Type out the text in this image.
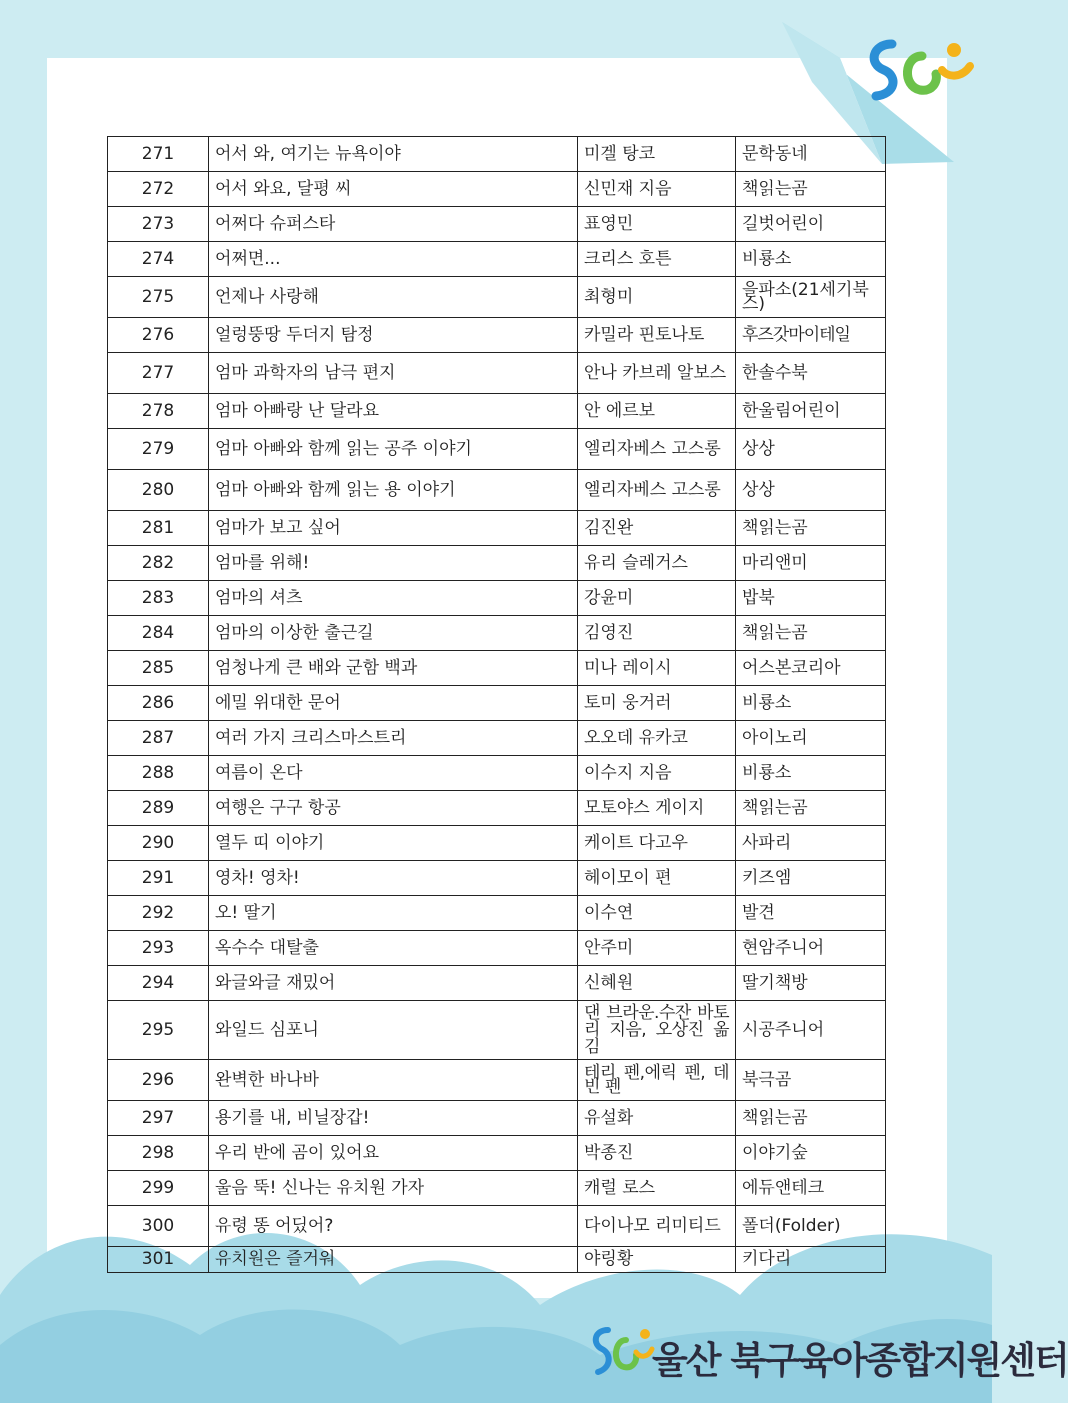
271	어서 와, 여기는 뉴욕이야	미겔 탕코	문학동네
272	어서 와요, 달평 씨	신민재 지음	책읽는곰
273	어쩌다 슈퍼스타	표영민	길벗어린이
274	어쩌면...	크리스 호튼	비룡소
275	언제나 사랑해	최형미	을파소(21세기북스)
276	얼렁뚱땅 두더지 탐정	카밀라 핀토나토	후즈갓마이테일
277	엄마 과학자의 남극 편지	안나 카브레 알보스	한솔수북
278	엄마 아빠랑 난 달라요	안 에르보	한울림어린이
279	엄마 아빠와 함께 읽는 공주 이야기	엘리자베스 고스롱	상상
280	엄마 아빠와 함께 읽는 용 이야기	엘리자베스 고스롱	상상
281	엄마가 보고 싶어	김진완	책읽는곰
282	엄마를 위해!	유리 슬레거스	마리앤미
283	엄마의 셔츠	강윤미	밥북
284	엄마의 이상한 출근길	김영진	책읽는곰
285	엄청나게 큰 배와 군함 백과	미나 레이시	어스본코리아
286	에밀 위대한 문어	토미 웅거러	비룡소
287	여러 가지 크리스마스트리	오오데 유카코	아이노리
288	여름이 온다	이수지 지음	비룡소
289	여행은 구구 항공	모토야스 게이지	책읽는곰
290	열두 띠 이야기	케이트 다고우	사파리
291	영차! 영차!	헤이모이 편	키즈엠
292	오! 딸기	이수연	발견
293	옥수수 대탈출	안주미	현암주니어
294	와글와글 재밌어	신혜원	딸기책방
295	와일드 심포니	댄 브라운.수잔 바토리 지음, 오상진 옮김	시공주니어
296	완벽한 바나바	테리 펜,에릭 펜, 데빈 펜	북극곰
297	용기를 내, 비닐장갑!	유설화	책읽는곰
298	우리 반에 곰이 있어요	박종진	이야기숲
299	울음 뚝! 신나는 유치원 가자	캐럴 로스	에듀앤테크
300	유령 똥 어딨어?	다이나모 리미티드	폴더(Folder)
301	유치원은 즐거워	야링황	키다리
울산 북구육아종합지원센터
